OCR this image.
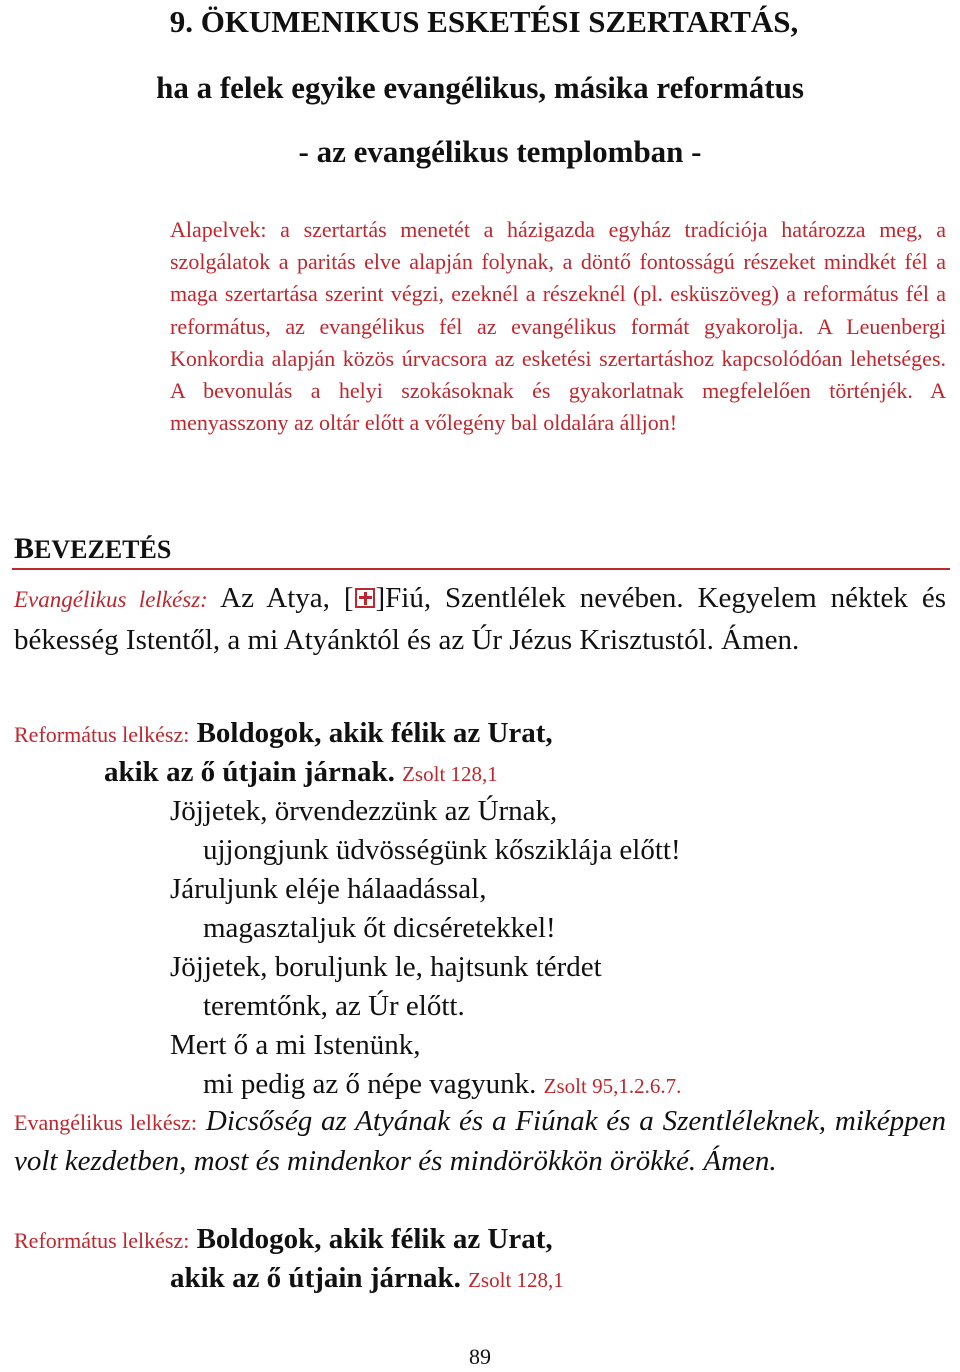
9. ÖKUMENIKUS ESKETÉSI SZERTARTÁS,
ha a felek egyike evangélikus, másika református
- az evangélikus templomban -
Alapelvek: a szertartás menetét a házigazda egyház tradíciója határozza meg, a szolgálatok a paritás elve alapján folynak, a döntő fontosságú részeket mindkét fél a maga szertartása szerint végzi, ezeknél a részeknél (pl. esküszöveg) a református fél a református, az evangélikus fél az evangélikus formát gyakorolja. A Leuenbergi Konkordia alapján közös úrvacsora az esketési szertartáshoz kapcsolódóan lehetséges. A bevonulás a helyi szokásoknak és gyakorlatnak megfelelően történjék. A menyasszony az oltár előtt a vőlegény bal oldalára álljon!
BEVEZETÉS
Evangélikus lelkész: Az Atya, [ ]Fiú, Szentlélek nevében. Kegyelem néktek és békesség Istentől, a mi Atyánktól és az Úr Jézus Krisztustól. Ámen.
Református lelkész: Boldogok, akik félik az Urat,
akik az ő útjain járnak. Zsolt 128,1
Jöjjetek, örvendezzünk az Úrnak,
ujjongjunk üdvösségünk kősziklája előtt!
Járuljunk eléje hálaadással,
magasztaljuk őt dicséretekkel!
Jöjjetek, boruljunk le, hajtsunk térdet
teremtőnk, az Úr előtt.
Mert ő a mi Istenünk,
mi pedig az ő népe vagyunk. Zsolt 95,1.2.6.7.
Evangélikus lelkész: Dicsőség az Atyának és a Fiúnak és a Szentléleknek, miképpen volt kezdetben, most és mindenkor és mindörökkön örökké. Ámen.
Református lelkész: Boldogok, akik félik az Urat,
akik az ő útjain járnak. Zsolt 128,1
89
